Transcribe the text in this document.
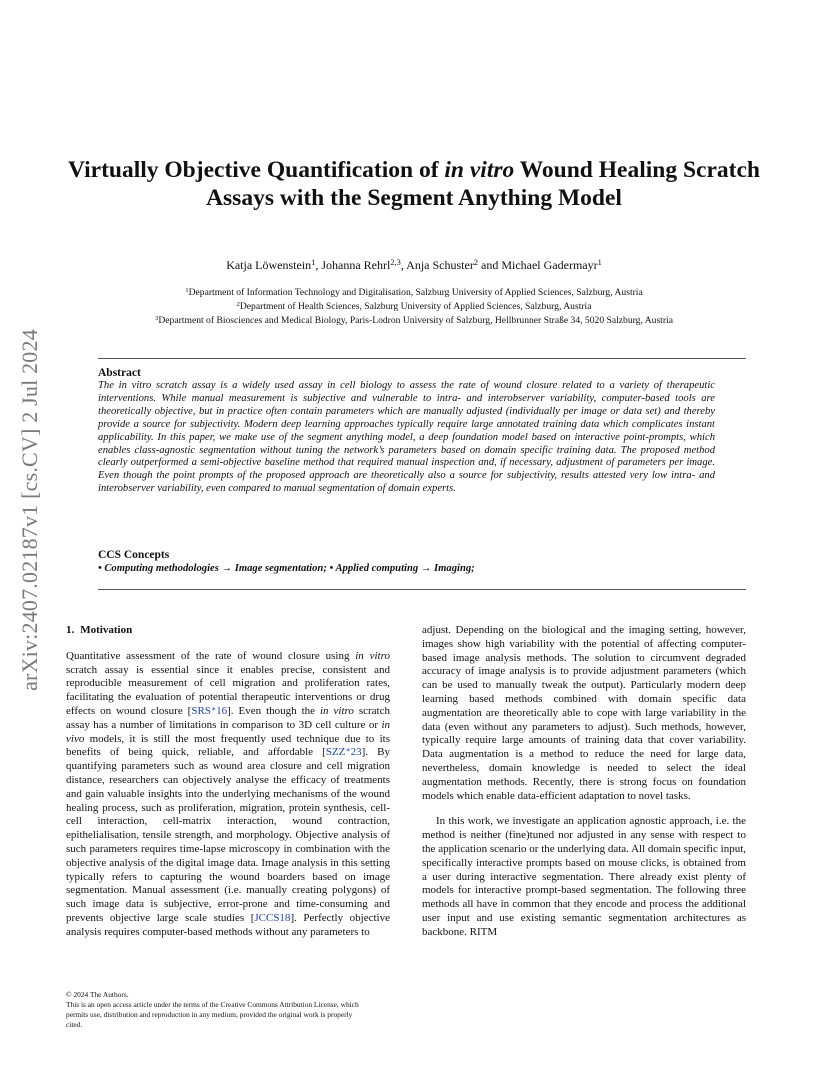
arXiv:2407.02187v1 [cs.CV] 2 Jul 2024
Virtually Objective Quantification of in vitro Wound Healing Scratch Assays with the Segment Anything Model
Katja Löwenstein$^1$, Johanna Rehrl$^{2,3}$, Anja Schuster$^2$ and Michael Gadermayr$^1$
$^1$Department of Information Technology and Digitalisation, Salzburg University of Applied Sciences, Salzburg, Austria
$^2$Department of Health Sciences, Salzburg University of Applied Sciences, Salzburg, Austria
$^3$Department of Biosciences and Medical Biology, Paris-Lodron University of Salzburg, Hellbrunner Straße 34, 5020 Salzburg, Austria
Abstract
The in vitro scratch assay is a widely used assay in cell biology to assess the rate of wound closure related to a variety of therapeutic interventions. While manual measurement is subjective and vulnerable to intra- and interobserver variability, computer-based tools are theoretically objective, but in practice often contain parameters which are manually adjusted (individually per image or data set) and thereby provide a source for subjectivity. Modern deep learning approaches typically require large annotated training data which complicates instant applicability. In this paper, we make use of the segment anything model, a deep foundation model based on interactive point-prompts, which enables class-agnostic segmentation without tuning the network’s parameters based on domain specific training data. The proposed method clearly outperformed a semi-objective baseline method that required manual inspection and, if necessary, adjustment of parameters per image. Even though the point prompts of the proposed approach are theoretically also a source for subjectivity, results attested very low intra- and interobserver variability, even compared to manual segmentation of domain experts.
CCS Concepts
• Computing methodologies → Image segmentation; • Applied computing → Imaging;
1. Motivation

Quantitative assessment of the rate of wound closure using in vitro scratch assay is essential since it enables precise, consistent and reproducible measurement of cell migration and proliferation rates, facilitating the evaluation of potential therapeutic interventions or drug effects on wound closure [SRS∗16]. Even though the in vitro scratch assay has a number of limitations in comparison to 3D cell culture or in vivo models, it is still the most frequently used technique due to its benefits of being quick, reliable, and affordable [SZZ∗23]. By quantifying parameters such as wound area closure and cell migration distance, researchers can objectively analyse the efficacy of treatments and gain valuable insights into the underlying mechanisms of the wound healing process, such as proliferation, migration, protein synthesis, cell-cell interaction, cell-matrix interaction, wound contraction, epithelialisation, tensile strength, and morphology. Objective analysis of such parameters requires time-lapse microscopy in combination with the objective analysis of the digital image data. Image analysis in this setting typically refers to capturing the wound boarders based on image segmentation. Manual assessment (i.e. manually creating polygons) of such image data is subjective, error-prone and time-consuming and prevents objective large scale studies [JCCS18]. Perfectly objective analysis requires computer-based methods without any parameters to

adjust. Depending on the biological and the imaging setting, however, images show high variability with the potential of affecting computer-based image analysis methods. The solution to circumvent degraded accuracy of image analysis is to provide adjustment parameters (which can be used to manually tweak the output). Particularly modern deep learning based methods combined with domain specific data augmentation are theoretically able to cope with large variability in the data (even without any parameters to adjust). Such methods, however, typically require large amounts of training data that cover variability. Data augmentation is a method to reduce the need for large data, nevertheless, domain knowledge is needed to select the ideal augmentation methods. Recently, there is strong focus on foundation models which enable data-efficient adaptation to novel tasks.

In this work, we investigate an application agnostic approach, i.e. the method is neither (fine)tuned nor adjusted in any sense with respect to the application scenario or the underlying data. All domain specific input, specifically interactive prompts based on mouse clicks, is obtained from a user during interactive segmentation. There already exist plenty of models for interactive prompt-based segmentation. The following three methods all have in common that they encode and process the additional user input and use existing semantic segmentation architectures as backbone. RITM

© 2024 The Authors.
This is an open access article under the terms of the Creative Commons Attribution License, which permits use, distribution and reproduction in any medium, provided the original work is properly cited.
